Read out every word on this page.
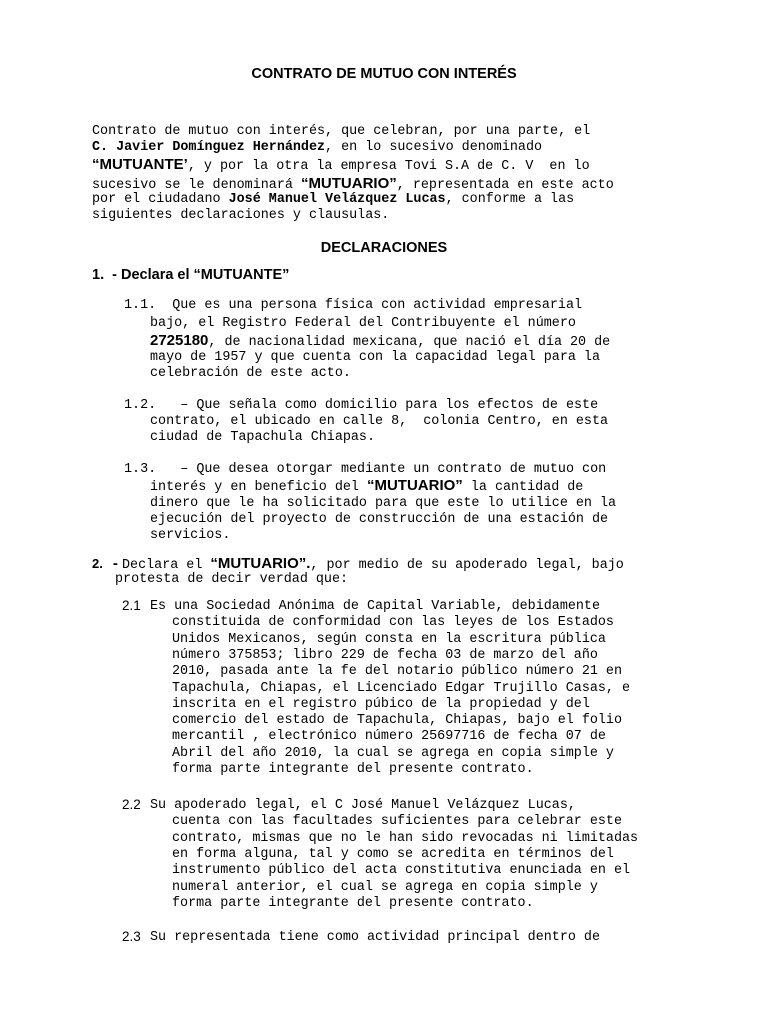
CONTRATO DE MUTUO CON INTERÉS
Contrato de mutuo con interés, que celebran, por una parte, el
C. Javier Domínguez Hernández, en lo sucesivo denominado
“MUTUANTE’, y por la otra la empresa Tovi S.A de C. V  en lo
sucesivo se le denominará “MUTUARIO”, representada en este acto
por el ciudadano José Manuel Velázquez Lucas, conforme a las
siguientes declaraciones y clausulas.
DECLARACIONES
1.  - Declara el “MUTUANTE”
1.1.  Que es una persona física con actividad empresarial
bajo, el Registro Federal del Contribuyente el número
2725180, de nacionalidad mexicana, que nació el día 20 de
mayo de 1957 y que cuenta con la capacidad legal para la
celebración de este acto.
1.2.   – Que señala como domicilio para los efectos de este
contrato, el ubicado en calle 8,  colonia Centro, en esta
ciudad de Tapachula Chiapas.
1.3.   – Que desea otorgar mediante un contrato de mutuo con
interés y en beneficio del “MUTUARIO” la cantidad de
dinero que le ha solicitado para que este lo utilice en la
ejecución del proyecto de construcción de una estación de
servicios.
2. - Declara el “MUTUARIO”., por medio de su apoderado legal, bajo
protesta de decir verdad que:
2.1 Es una Sociedad Anónima de Capital Variable, debidamente
constituida de conformidad con las leyes de los Estados
Unidos Mexicanos, según consta en la escritura pública
número 375853; libro 229 de fecha 03 de marzo del año
2010, pasada ante la fe del notario público número 21 en
Tapachula, Chiapas, el Licenciado Edgar Trujillo Casas, e
inscrita en el registro púbico de la propiedad y del
comercio del estado de Tapachula, Chiapas, bajo el folio
mercantil , electrónico número 25697716 de fecha 07 de
Abril del año 2010, la cual se agrega en copia simple y
forma parte integrante del presente contrato.
2.2 Su apoderado legal, el C José Manuel Velázquez Lucas,
cuenta con las facultades suficientes para celebrar este
contrato, mismas que no le han sido revocadas ni limitadas
en forma alguna, tal y como se acredita en términos del
instrumento público del acta constitutiva enunciada en el
numeral anterior, el cual se agrega en copia simple y
forma parte integrante del presente contrato.
2.3 Su representada tiene como actividad principal dentro de
